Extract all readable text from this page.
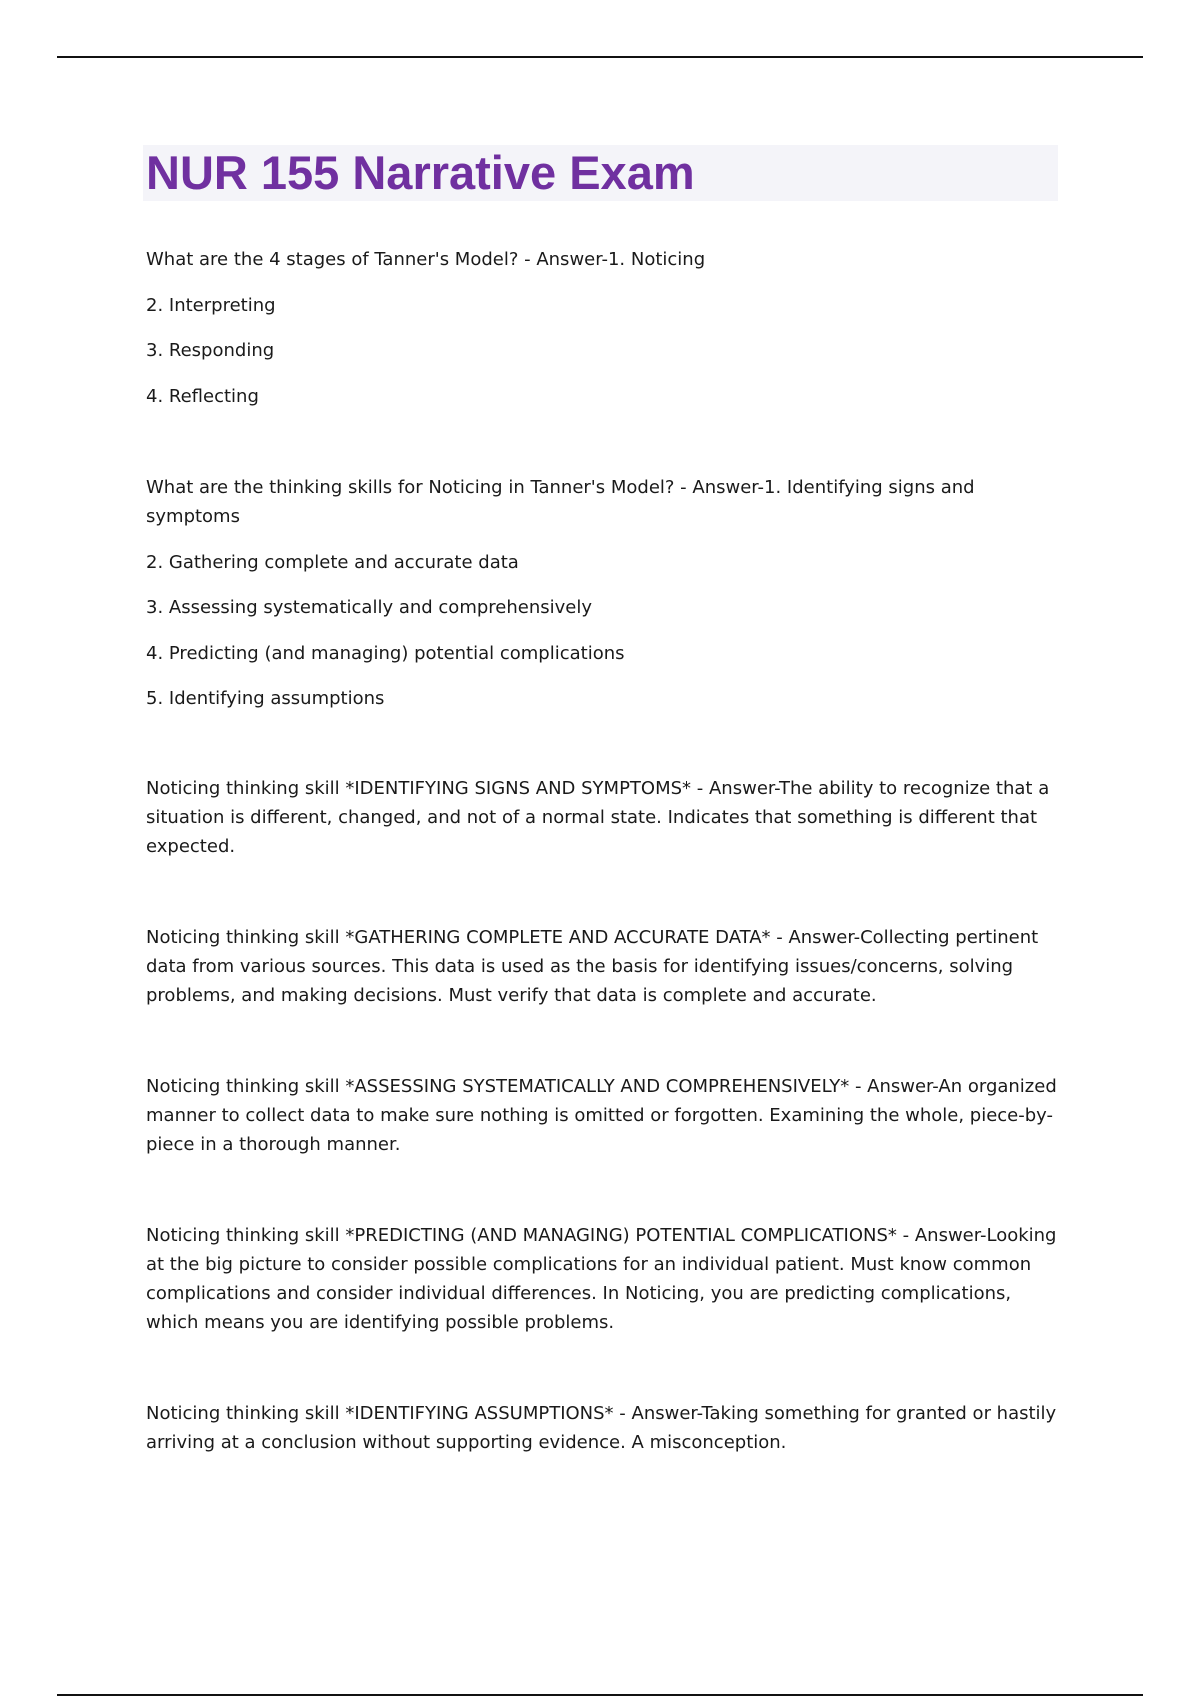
NUR 155 Narrative Exam

What are the 4 stages of Tanner's Model? - Answer-1. Noticing

2. Interpreting

3. Responding

4. Reflecting

What are the thinking skills for Noticing in Tanner's Model? - Answer-1. Identifying signs and symptoms

2. Gathering complete and accurate data

3. Assessing systematically and comprehensively

4. Predicting (and managing) potential complications

5. Identifying assumptions

Noticing thinking skill *IDENTIFYING SIGNS AND SYMPTOMS* - Answer-The ability to recognize that a situation is different, changed, and not of a normal state. Indicates that something is different that expected.

Noticing thinking skill *GATHERING COMPLETE AND ACCURATE DATA* - Answer-Collecting pertinent data from various sources. This data is used as the basis for identifying issues/concerns, solving problems, and making decisions. Must verify that data is complete and accurate.

Noticing thinking skill *ASSESSING SYSTEMATICALLY AND COMPREHENSIVELY* - Answer-An organized manner to collect data to make sure nothing is omitted or forgotten. Examining the whole, piece-by-piece in a thorough manner.

Noticing thinking skill *PREDICTING (AND MANAGING) POTENTIAL COMPLICATIONS* - Answer-Looking at the big picture to consider possible complications for an individual patient. Must know common complications and consider individual differences. In Noticing, you are predicting complications, which means you are identifying possible problems.

Noticing thinking skill *IDENTIFYING ASSUMPTIONS* - Answer-Taking something for granted or hastily arriving at a conclusion without supporting evidence. A misconception.
